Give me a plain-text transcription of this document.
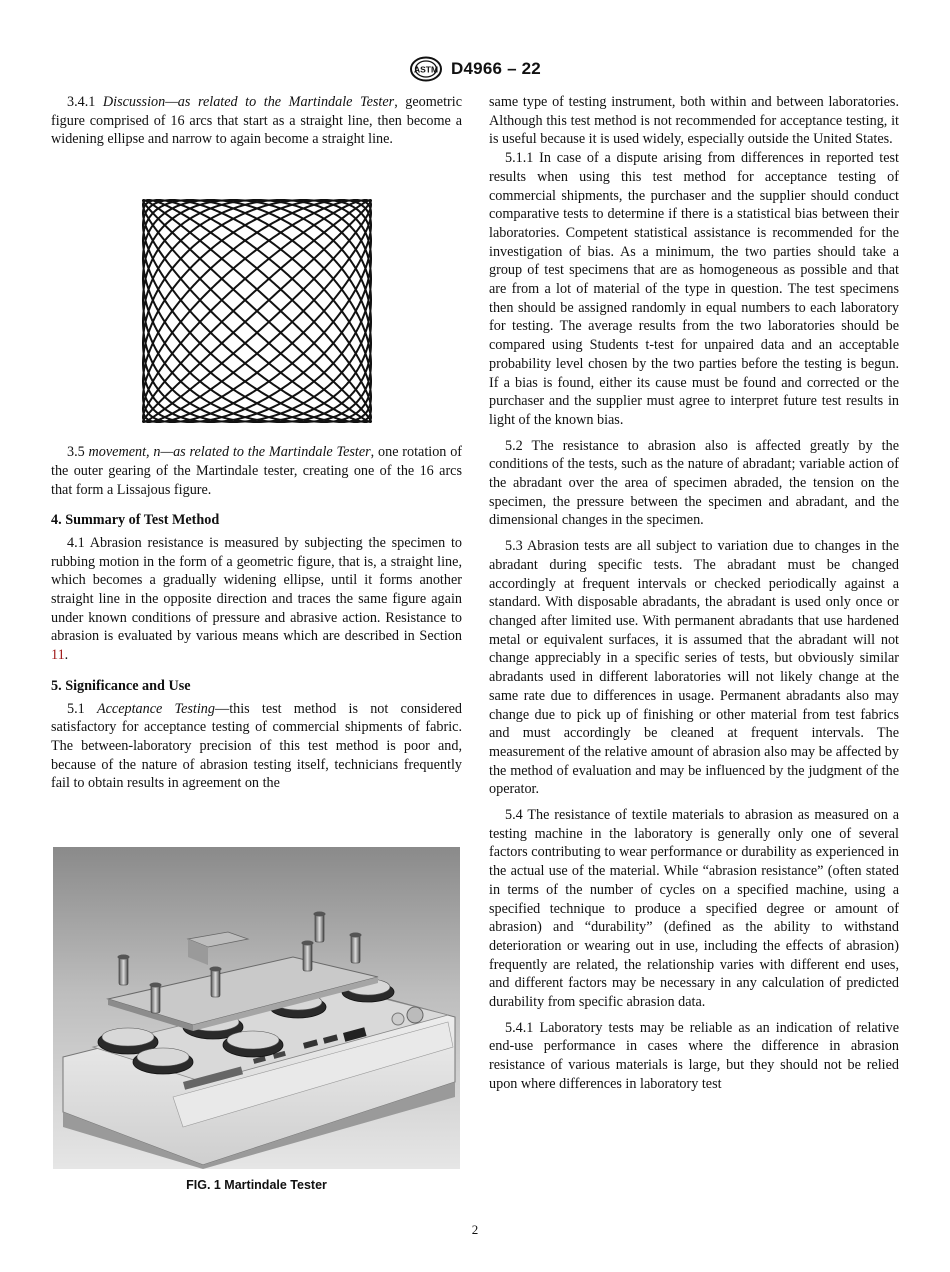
ASTM D4966 – 22

3.4.1 Discussion—as related to the Martindale Tester, geometric figure comprised of 16 arcs that start as a straight line, then become a widening ellipse and narrow to again become a straight line.

3.5 movement, n—as related to the Martindale Tester, one rotation of the outer gearing of the Martindale tester, creating one of the 16 arcs that form a Lissajous figure.

4. Summary of Test Method

4.1 Abrasion resistance is measured by subjecting the specimen to rubbing motion in the form of a geometric figure, that is, a straight line, which becomes a gradually widening ellipse, until it forms another straight line in the opposite direction and traces the same figure again under known conditions of pressure and abrasive action. Resistance to abrasion is evaluated by various means which are described in Section 11.

5. Significance and Use

5.1 Acceptance Testing—this test method is not considered satisfactory for acceptance testing of commercial shipments of fabric. The between-laboratory precision of this test method is poor and, because of the nature of abrasion testing itself, technicians frequently fail to obtain results in agreement on the

FIG. 1 Martindale Tester

same type of testing instrument, both within and between laboratories. Although this test method is not recommended for acceptance testing, it is useful because it is used widely, especially outside the United States.

5.1.1 In case of a dispute arising from differences in reported test results when using this test method for acceptance testing of commercial shipments, the purchaser and the supplier should conduct comparative tests to determine if there is a statistical bias between their laboratories. Competent statistical assistance is recommended for the investigation of bias. As a minimum, the two parties should take a group of test specimens that are as homogeneous as possible and that are from a lot of material of the type in question. The test specimens then should be assigned randomly in equal numbers to each laboratory for testing. The average results from the two laboratories should be compared using Students t-test for unpaired data and an acceptable probability level chosen by the two parties before the testing is begun. If a bias is found, either its cause must be found and corrected or the purchaser and the supplier must agree to interpret future test results in light of the known bias.

5.2 The resistance to abrasion also is affected greatly by the conditions of the tests, such as the nature of abradant; variable action of the abradant over the area of specimen abraded, the tension on the specimen, the pressure between the specimen and abradant, and the dimensional changes in the specimen.

5.3 Abrasion tests are all subject to variation due to changes in the abradant during specific tests. The abradant must be changed accordingly at frequent intervals or checked periodically against a standard. With disposable abradants, the abradant is used only once or changed after limited use. With permanent abradants that use hardened metal or equivalent surfaces, it is assumed that the abradant will not change appreciably in a specific series of tests, but obviously similar abradants used in different laboratories will not likely change at the same rate due to differences in usage. Permanent abradants also may change due to pick up of finishing or other material from test fabrics and must accordingly be cleaned at frequent intervals. The measurement of the relative amount of abrasion also may be affected by the method of evaluation and may be influenced by the judgment of the operator.

5.4 The resistance of textile materials to abrasion as measured on a testing machine in the laboratory is generally only one of several factors contributing to wear performance or durability as experienced in the actual use of the material. While “abrasion resistance” (often stated in terms of the number of cycles on a specified machine, using a specified technique to produce a specified degree or amount of abrasion) and “durability” (defined as the ability to withstand deterioration or wearing out in use, including the effects of abrasion) frequently are related, the relationship varies with different end uses, and different factors may be necessary in any calculation of predicted durability from specific abrasion data.

5.4.1 Laboratory tests may be reliable as an indication of relative end-use performance in cases where the difference in abrasion resistance of various materials is large, but they should not be relied upon where differences in laboratory test

2
